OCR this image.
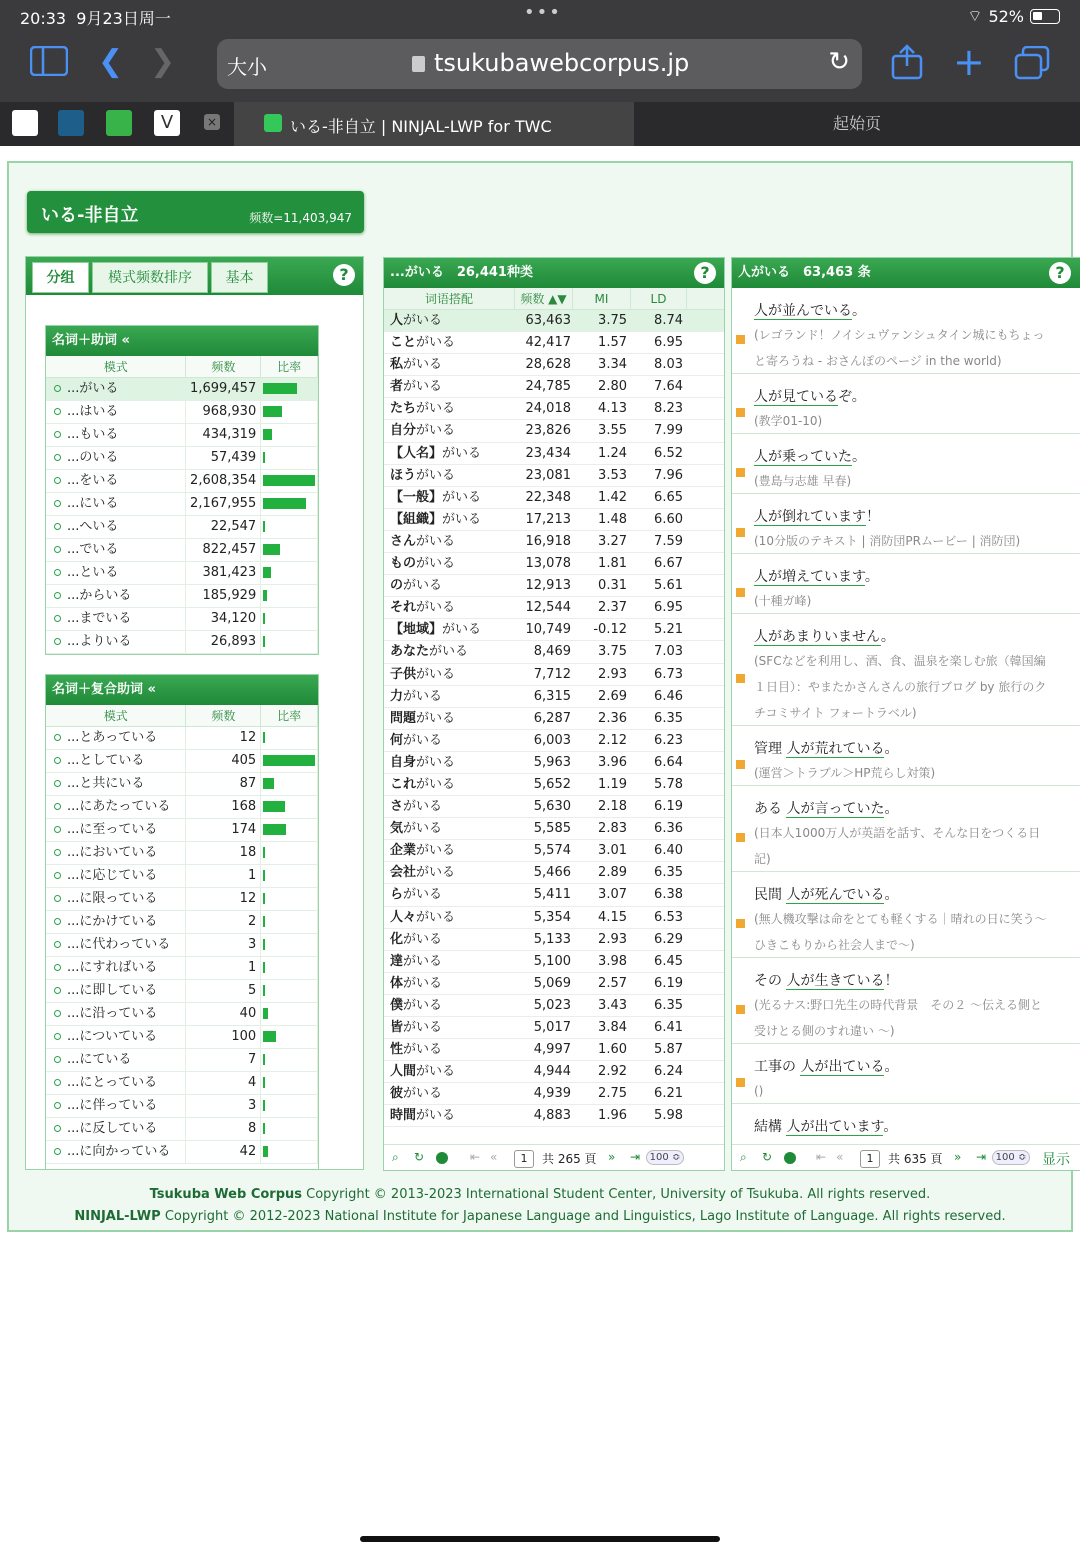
20:33 9月23日周一	•••	⌔ 52%
❮ ❯	大小	tsukubawebcorpus.jp	↻	+
V	×	いる-非自立 | NINJAL-LWP for TWC	起始页
いる-非自立	频数=11,403,947
分组	模式频数排序	基本	?
名词＋助词 «
模式	频数	比率
...がいる	1,699,457
...はいる	968,930
...もいる	434,319
...のいる	57,439
...をいる	2,608,354
...にいる	2,167,955
...へいる	22,547
...でいる	822,457
...といる	381,423
...からいる	185,929
...までいる	34,120
...よりいる	26,893
名词＋复合助词 «
模式	频数	比率
...とあっている	12
...としている	405
...と共にいる	87
...にあたっている	168
...に至っている	174
...においている	18
...に応じている	1
...に限っている	12
...にかけている	2
...に代わっている	3
...にすればいる	1
...に即している	5
...に沿っている	40
...についている	100
...にている	7
...にとっている	4
...に伴っている	3
...に反している	8
...に向かっている	42
...がいる　26,441种类	?
词语搭配	频数 ▲▼	MI	LD
人がいる	63,463	3.75	8.74
ことがいる	42,417	1.57	6.95
私がいる	28,628	3.34	8.03
者がいる	24,785	2.80	7.64
たちがいる	24,018	4.13	8.23
自分がいる	23,826	3.55	7.99
【人名】がいる	23,434	1.24	6.52
ほうがいる	23,081	3.53	7.96
【一般】がいる	22,348	1.42	6.65
【組織】がいる	17,213	1.48	6.60
さんがいる	16,918	3.27	7.59
ものがいる	13,078	1.81	6.67
のがいる	12,913	0.31	5.61
それがいる	12,544	2.37	6.95
【地域】がいる	10,749	-0.12	5.21
あなたがいる	8,469	3.75	7.03
子供がいる	7,712	2.93	6.73
力がいる	6,315	2.69	6.46
問題がいる	6,287	2.36	6.35
何がいる	6,003	2.12	6.23
自身がいる	5,963	3.96	6.64
これがいる	5,652	1.19	5.78
さがいる	5,630	2.18	6.19
気がいる	5,585	2.83	6.36
企業がいる	5,574	3.01	6.40
会社がいる	5,466	2.89	6.35
らがいる	5,411	3.07	6.38
人々がいる	5,354	4.15	6.53
化がいる	5,133	2.93	6.29
達がいる	5,100	3.98	6.45
体がいる	5,069	2.57	6.19
僕がいる	5,023	3.43	6.35
皆がいる	5,017	3.84	6.41
性がいる	4,997	1.60	5.87
人間がいる	4,944	2.92	6.24
彼がいる	4,939	2.75	6.21
時間がいる	4,883	1.96	5.98
⌕ ↻	⇤ «	1	共 265 頁 » ⇥ 100 ≎
人がいる　63,463 条	?
人が並んでいる。
(レゴランド！ノイシュヴァンシュタイン城にもちょっと寄ろうね - おさんぽのページ in the world)
人が見ているぞ。
(教学01-10)
人が乗っていた。
(豊島与志雄 早春)
人が倒れています！
(10分版のテキスト | 消防団PRムービー | 消防団)
人が増えています。
(十種ガ峰)
人があまりいません。
(SFCなどを利用し、酒、食、温泉を楽しむ旅（韓国編　１日目）：やまたかさんさんの旅行ブログ by 旅行のクチコミサイト フォートラベル)
管理 人が荒れている。
(運営＞トラブル＞HP荒らし対策)
ある 人が言っていた。
(日本人1000万人が英語を話す、そんな日をつくる日記)
民間 人が死んでいる。
(無人機攻撃は命をとても軽くする｜晴れの日に笑う〜ひきこもりから社会人まで〜)
その 人が生きている！
(光るナス:野口先生の時代背景　その２ 〜伝える側と受けとる側のすれ違い 〜)
工事の 人が出ている。
()
結構 人が出ています。
⌕ ↻	⇤ «	1	共 635 頁 » ⇥ 100 ≎ 显示
Tsukuba Web Corpus Copyright © 2013-2023 International Student Center, University of Tsukuba. All rights reserved.
NINJAL-LWP Copyright © 2012-2023 National Institute for Japanese Language and Linguistics, Lago Institute of Language. All rights reserved.
